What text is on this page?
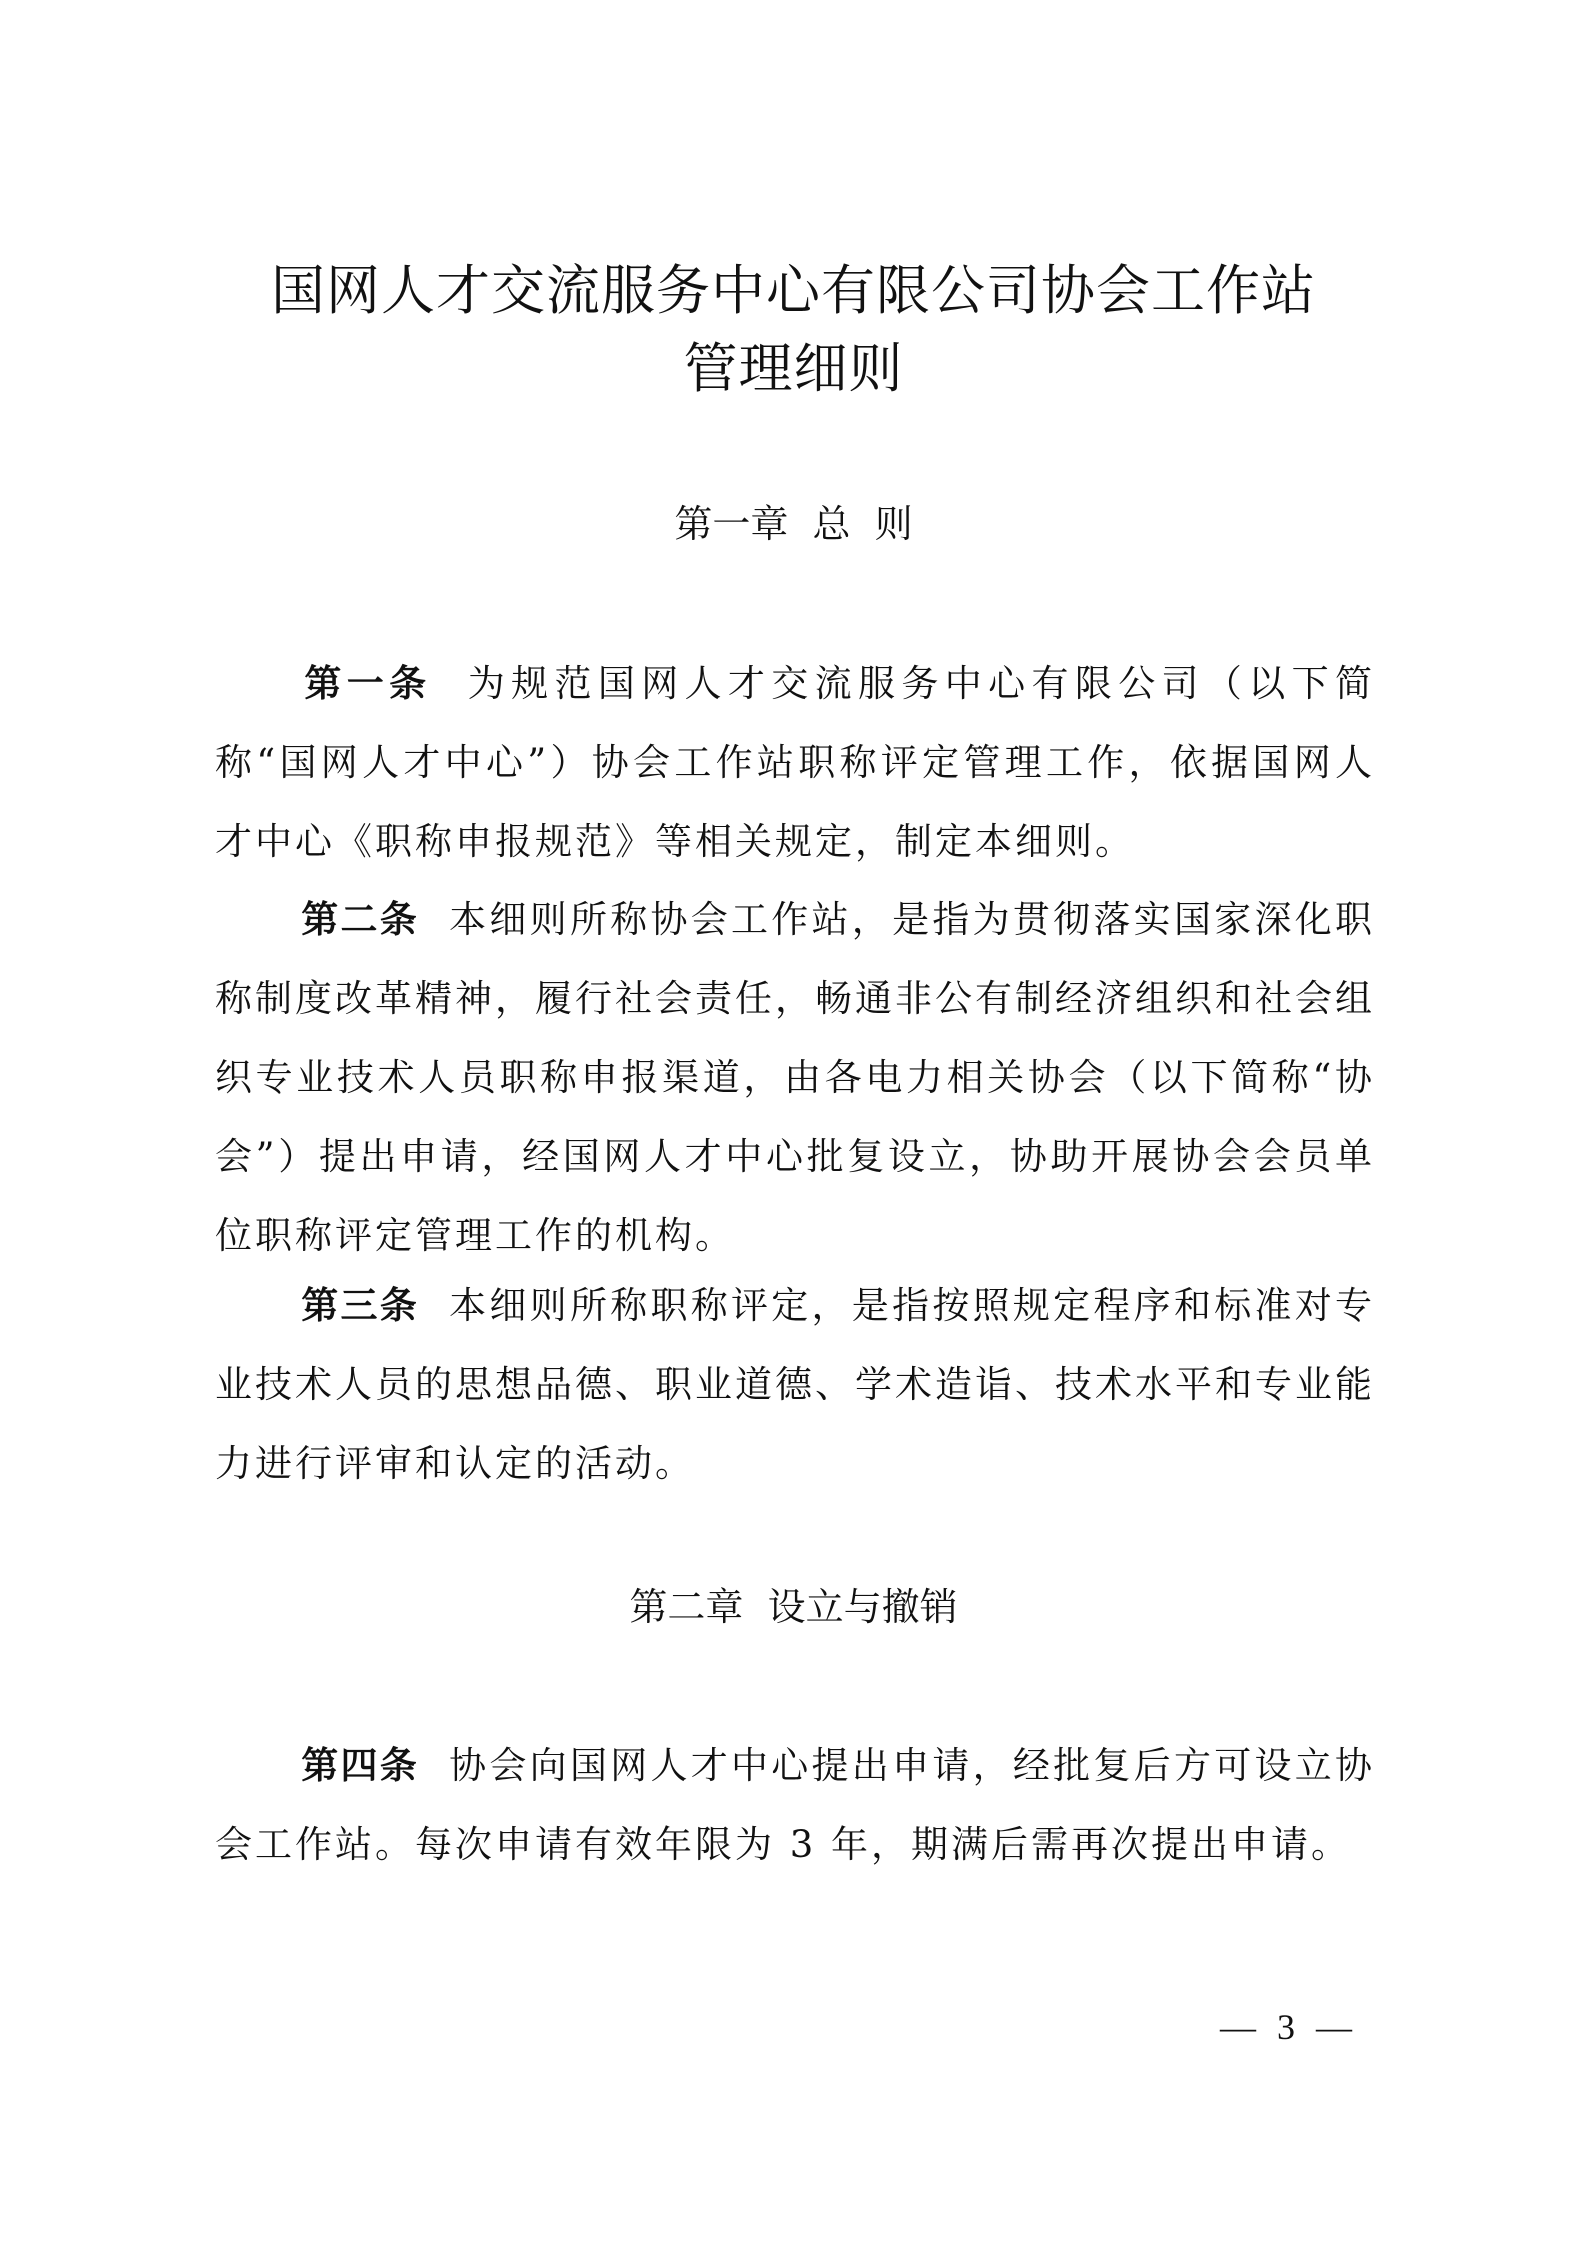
国网人才交流服务中心有限公司协会工作站
管理细则
第一章  总  则
第一条 为规范国网人才交流服务中心有限公司（以下简称“国网人才中心”）协会工作站职称评定管理工作，依据国网人才中心《职称申报规范》等相关规定，制定本细则。
第二条 本细则所称协会工作站，是指为贯彻落实国家深化职称制度改革精神，履行社会责任，畅通非公有制经济组织和社会组织专业技术人员职称申报渠道，由各电力相关协会（以下简称“协会”）提出申请，经国网人才中心批复设立，协助开展协会会员单位职称评定管理工作的机构。
第三条 本细则所称职称评定，是指按照规定程序和标准对专业技术人员的思想品德、职业道德、学术造诣、技术水平和专业能力进行评审和认定的活动。
第二章  设立与撤销
第四条 协会向国网人才中心提出申请，经批复后方可设立协会工作站。每次申请有效年限为 3 年，期满后需再次提出申请。
— 3 —
